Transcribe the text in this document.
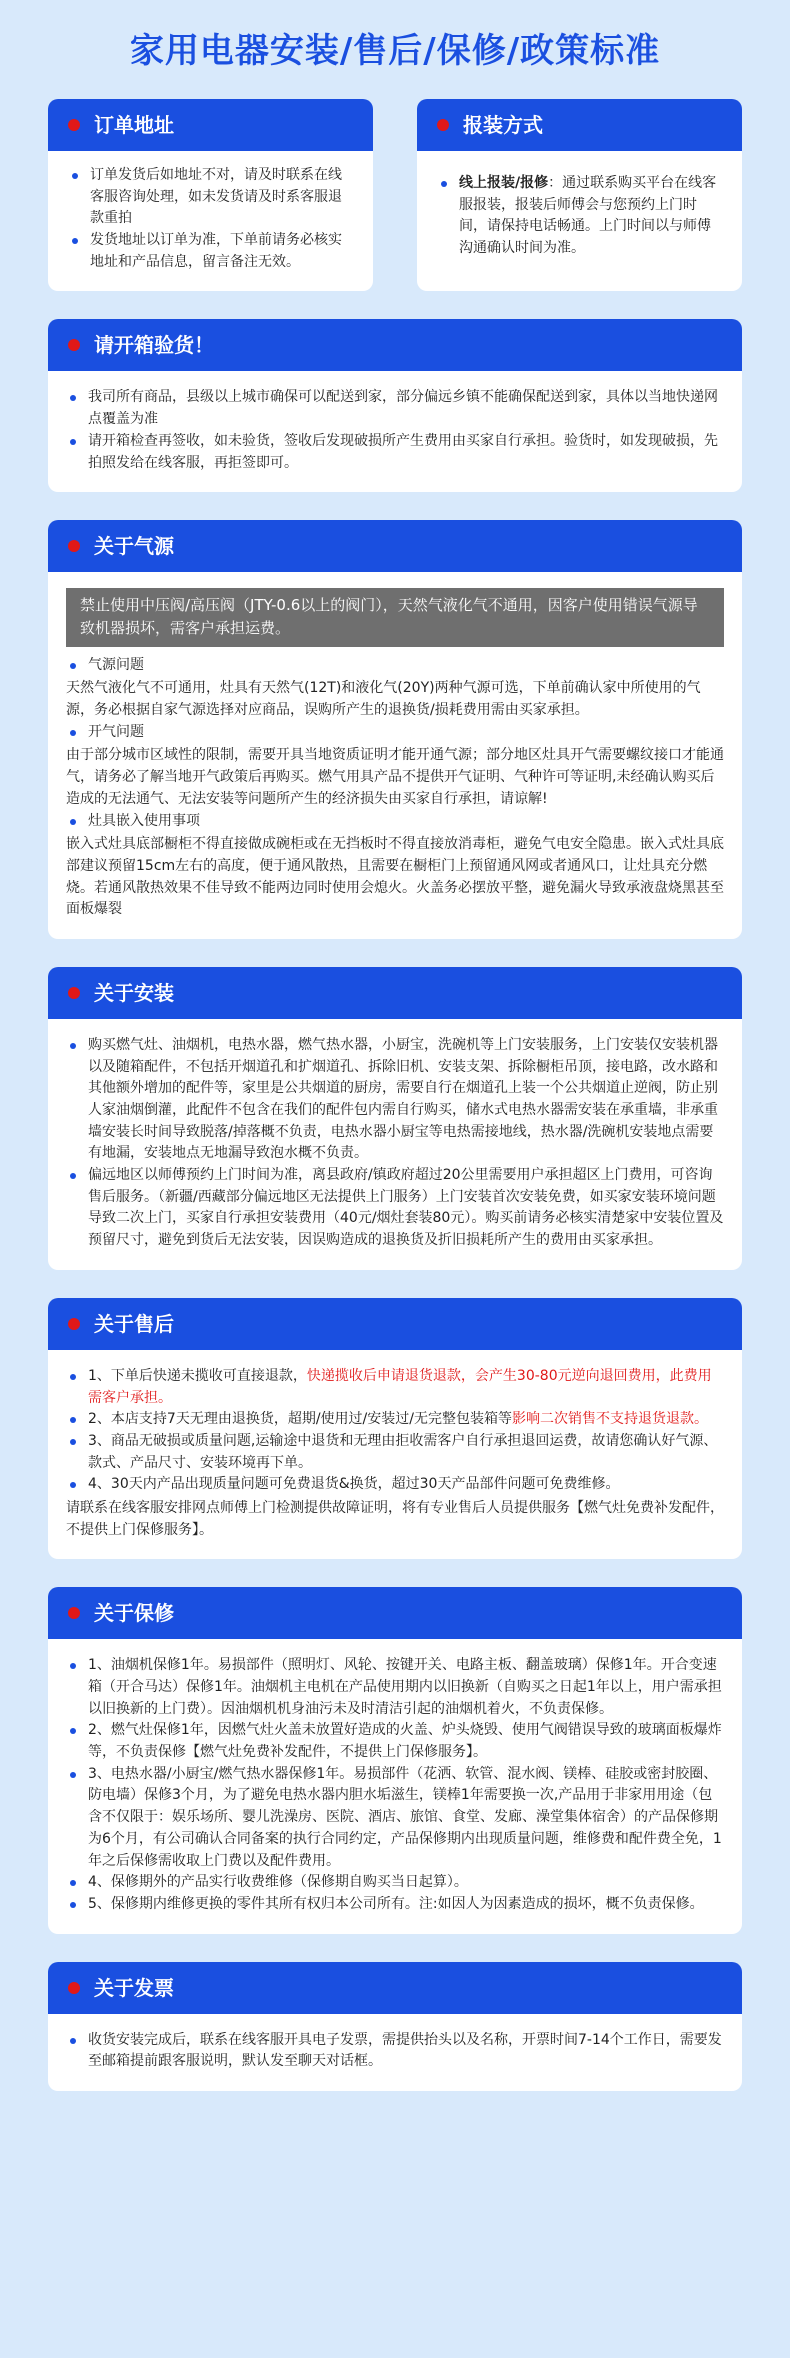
家用电器安装/售后/保修/政策标准
订单地址
订单发货后如地址不对，请及时联系在线客服咨询处理，如未发货请及时系客服退款重拍
发货地址以订单为准，下单前请务必核实地址和产品信息，留言备注无效。
报装方式
线上报装/报修：通过联系购买平台在线客服报装，报装后师傅会与您预约上门时间，请保持电话畅通。上门时间以与师傅沟通确认时间为准。
请开箱验货！
我司所有商品，县级以上城市确保可以配送到家，部分偏远乡镇不能确保配送到家，具体以当地快递网点覆盖为准
请开箱检查再签收，如未验货，签收后发现破损所产生费用由买家自行承担。验货时，如发现破损，先拍照发给在线客服，再拒签即可。
关于气源
禁止使用中压阀/高压阀（JTY-0.6以上的阀门），天然气液化气不通用，因客户使用错误气源导致机器损坏，需客户承担运费。
气源问题
天然气液化气不可通用，灶具有天然气(12T)和液化气(20Y)两种气源可选，下单前确认家中所使用的气源，务必根据自家气源选择对应商品，误购所产生的退换货/损耗费用需由买家承担。
开气问题
由于部分城市区域性的限制，需要开具当地资质证明才能开通气源；部分地区灶具开气需要螺纹接口才能通气，请务必了解当地开气政策后再购买。燃气用具产品不提供开气证明、气种许可等证明,未经确认购买后造成的无法通气、无法安装等问题所产生的经济损失由买家自行承担，请谅解!
灶具嵌入使用事项
嵌入式灶具底部橱柜不得直接做成碗柜或在无挡板时不得直接放消毒柜，避免气电安全隐患。嵌入式灶具底部建议预留15cm左右的高度，便于通风散热，且需要在橱柜门上预留通风网或者通风口，让灶具充分燃烧。若通风散热效果不佳导致不能两边同时使用会熄火。火盖务必摆放平整，避免漏火导致承液盘烧黑甚至面板爆裂
关于安装
购买燃气灶、油烟机，电热水器，燃气热水器，小厨宝，洗碗机等上门安装服务，上门安装仅安装机器以及随箱配件，不包括开烟道孔和扩烟道孔、拆除旧机、安装支架、拆除橱柜吊顶，接电路，改水路和其他额外增加的配件等，家里是公共烟道的厨房，需要自行在烟道孔上装一个公共烟道止逆阀，防止别人家油烟倒灌，此配件不包含在我们的配件包内需自行购买，储水式电热水器需安装在承重墙，非承重墙安装长时间导致脱落/掉落概不负责，电热水器小厨宝等电热需接地线，热水器/洗碗机安装地点需要有地漏，安装地点无地漏导致泡水概不负责。
偏远地区以师傅预约上门时间为准，离县政府/镇政府超过20公里需要用户承担超区上门费用，可咨询售后服务。（新疆/西藏部分偏远地区无法提供上门服务）上门安装首次安装免费，如买家安装环境问题导致二次上门，买家自行承担安装费用（40元/烟灶套装80元）。购买前请务必核实清楚家中安装位置及预留尺寸，避免到货后无法安装，因误购造成的退换货及折旧损耗所产生的费用由买家承担。
关于售后
1、下单后快递未揽收可直接退款，快递揽收后申请退货退款，会产生30-80元逆向退回费用，此费用需客户承担。
2、本店支持7天无理由退换货，超期/使用过/安装过/无完整包装箱等影响二次销售不支持退货退款。
3、商品无破损或质量问题,运输途中退货和无理由拒收需客户自行承担退回运费，故请您确认好气源、款式、产品尺寸、安装环境再下单。
4、30天内产品出现质量问题可免费退货&换货，超过30天产品部件问题可免费维修。
请联系在线客服安排网点师傅上门检测提供故障证明，将有专业售后人员提供服务【燃气灶免费补发配件，不提供上门保修服务】。
关于保修
1、油烟机保修1年。易损部件（照明灯、风轮、按键开关、电路主板、翻盖玻璃）保修1年。开合变速箱（开合马达）保修1年。油烟机主电机在产品使用期内以旧换新（自购买之日起1年以上，用户需承担以旧换新的上门费）。因油烟机机身油污未及时清洁引起的油烟机着火，不负责保修。
2、燃气灶保修1年，因燃气灶火盖未放置好造成的火盖、炉头烧毁、使用气阀错误导致的玻璃面板爆炸等，不负责保修【燃气灶免费补发配件，不提供上门保修服务】。
3、电热水器/小厨宝/燃气热水器保修1年。易损部件（花洒、软管、混水阀、镁棒、硅胶或密封胶圈、防电墙）保修3个月，为了避免电热水器内胆水垢滋生，镁棒1年需要换一次,产品用于非家用用途（包含不仅限于：娱乐场所、婴儿洗澡房、医院、酒店、旅馆、食堂、发廊、澡堂集体宿舍）的产品保修期为6个月，有公司确认合同备案的执行合同约定，产品保修期内出现质量问题，维修费和配件费全免，1年之后保修需收取上门费以及配件费用。
4、保修期外的产品实行收费维修（保修期自购买当日起算）。
5、保修期内维修更换的零件其所有权归本公司所有。注:如因人为因素造成的损坏，概不负责保修。
关于发票
收货安装完成后，联系在线客服开具电子发票，需提供抬头以及名称，开票时间7-14个工作日，需要发至邮箱提前跟客服说明，默认发至聊天对话框。
